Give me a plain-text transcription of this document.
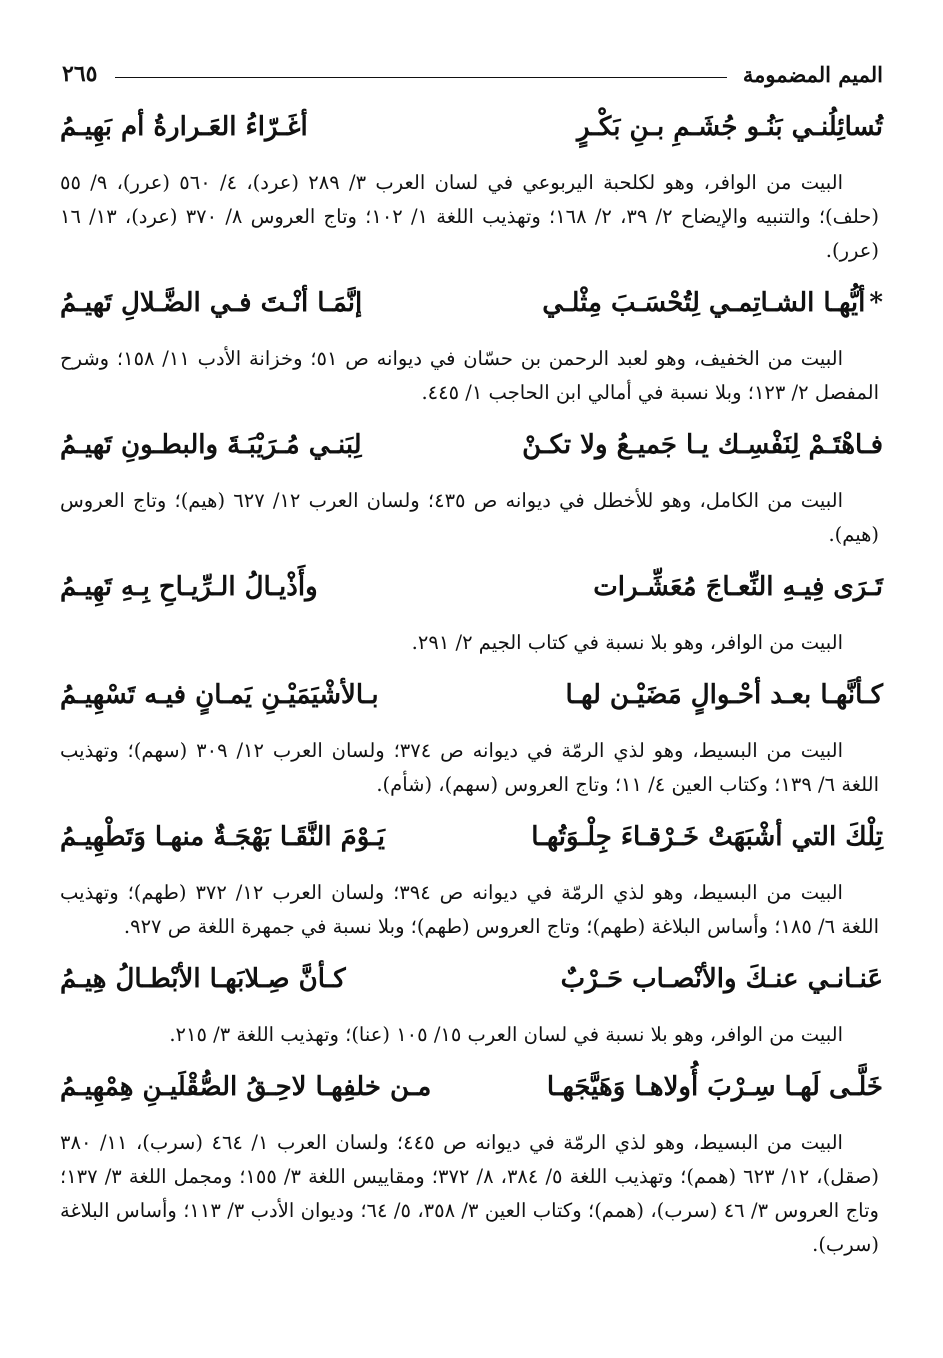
الميم المضمومة
٢٦٥
تُسائِلُنـي بَنُـو جُشَـمِ بـنِ بَكْـرٍ
أغَـرّاءُ العَـرارةُ أم بَهِيـمُ

البيت من الوافر، وهو لكلحبة اليربوعي في لسان العرب ٣/ ٢٨٩ (عرد)، ٤/ ٥٦٠ (عرر)، ٩/ ٥٥ (حلف)؛ والتنبيه والإيضاح ٢/ ٣٩، ٢/ ١٦٨؛ وتهذيب اللغة ١/ ١٠٢؛ وتاج العروس ٨/ ٣٧٠ (عرد)، ١٣/ ١٦ (عرر).

*أيُّهـا الشـاتِمـي لِتُحْسَـبَ مِثْلـي
إنَّمَـا أنْـتَ فـي الضَّـلالِ تَهيـمُ

البيت من الخفيف، وهو لعبد الرحمن بن حسّان في ديوانه ص ٥١؛ وخزانة الأدب ١١/ ١٥٨؛ وشرح المفصل ٢/ ١٢٣؛ وبلا نسبة في أمالي ابن الحاجب ١/ ٤٤٥.

فـاهْتَـمْ لِنَفْسِـك يـا جَميـعُ ولا تكـنْ
لِبَنـي مُـرَيْبَـةَ والبطـونِ تَهيـمُ

البيت من الكامل، وهو للأخطل في ديوانه ص ٤٣٥؛ ولسان العرب ١٢/ ٦٢٧ (هيم)؛ وتاج العروس (هيم).

تَـرَى فِيـهِ النِّعـاجَ مُعَشِّـرات
وأَذْيـالُ الـرِّيـاحِ بِـهِ تَهِيـمُ

البيت من الوافر، وهو بلا نسبة في كتاب الجيم ٢/ ٢٩١.

كـأنَّهـا بعـد أحْـوالٍ مَضَيْـن لهـا
بـالأشْيَمَيْـنِ يَمـانٍ فيـه تَسْهِيـمُ

البيت من البسيط، وهو لذي الرمّة في ديوانه ص ٣٧٤؛ ولسان العرب ١٢/ ٣٠٩ (سهم)؛ وتهذيب اللغة ٦/ ١٣٩؛ وكتاب العين ٤/ ١١؛ وتاج العروس (سهم)، (شأم).

تِلْكَ التي أشْبَهَتْ خَـرْقـاءَ جِلْـوَتُهـا
يَـوْمَ النَّقَـا بَهْجَـةٌ منهـا وَتَطْهِيـمُ

البيت من البسيط، وهو لذي الرمّة في ديوانه ص ٣٩٤؛ ولسان العرب ١٢/ ٣٧٢ (طهم)؛ وتهذيب اللغة ٦/ ١٨٥؛ وأساس البلاغة (طهم)؛ وتاج العروس (طهم)؛ وبلا نسبة في جمهرة اللغة ص ٩٢٧.

عَنـانـي عنـكَ والأنْصـاب حَـرْبٌ
كـأنَّ صِـلابَهـا الأبْطـالُ هِيـمُ

البيت من الوافر، وهو بلا نسبة في لسان العرب ١٥/ ١٠٥ (عنا)؛ وتهذيب اللغة ٣/ ٢١٥.

خَلَّـى لَهـا سِـرْبَ أُولاهـا وَهَيَّجَهـا
مـن خلفِهـا لاحِـقُ الصُّقْلَيـنِ هِمْهِيـمُ

البيت من البسيط، وهو لذي الرمّة في ديوانه ص ٤٤٥؛ ولسان العرب ١/ ٤٦٤ (سرب)، ١١/ ٣٨٠ (صقل)، ١٢/ ٦٢٣ (همم)؛ وتهذيب اللغة ٥/ ٣٨٤، ٨/ ٣٧٢؛ ومقاييس اللغة ٣/ ١٥٥؛ ومجمل اللغة ٣/ ١٣٧؛ وتاج العروس ٣/ ٤٦ (سرب)، (همم)؛ وكتاب العين ٣/ ٣٥٨، ٥/ ٦٤؛ وديوان الأدب ٣/ ١١٣؛ وأساس البلاغة (سرب).
